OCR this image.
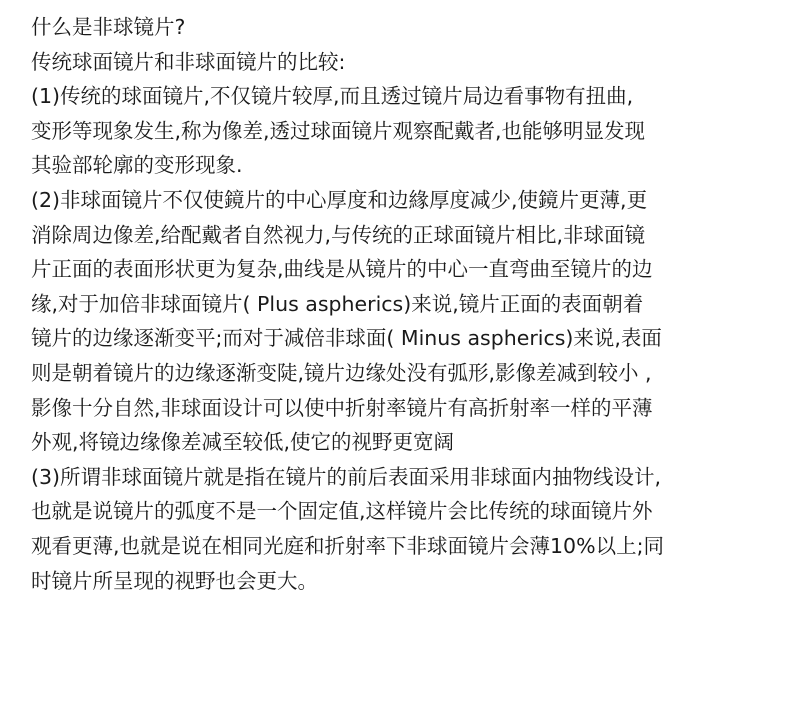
什么是非球镜片?
传统球面镜片和非球面镜片的比较:
(1)传统的球面镜片,不仅镜片较厚,而且透过镜片局边看事物有扭曲,
变形等现象发生,称为像差,透过球面镜片观察配戴者,也能够明显发现
其验部轮廓的变形现象.
(2)非球面镜片不仅使鏡片的中心厚度和边緣厚度减少,使鏡片更薄,更
消除周边像差,给配戴者自然视力,与传统的正球面镜片相比,非球面镜
片正面的表面形状更为复杂,曲线是从镜片的中心一直弯曲至镜片的边
缘,对于加倍非球面镜片( Plus aspherics)来说,镜片正面的表面朝着
镜片的边缘逐渐变平;而对于减倍非球面( Minus aspherics)来说,表面
则是朝着镜片的边缘逐渐变陡,镜片边缘处没有弧形,影像差减到较小 ,
影像十分自然,非球面设计可以使中折射率镜片有高折射率一样的平薄
外观,将镜边缘像差减至较低,使它的视野更宽阔
(3)所谓非球面镜片就是指在镜片的前后表面采用非球面内抽物线设计,
也就是说镜片的弧度不是一个固定值,这样镜片会比传统的球面镜片外
观看更薄,也就是说在相同光庭和折射率下非球面镜片会薄10%以上;同
时镜片所呈现的视野也会更大。
